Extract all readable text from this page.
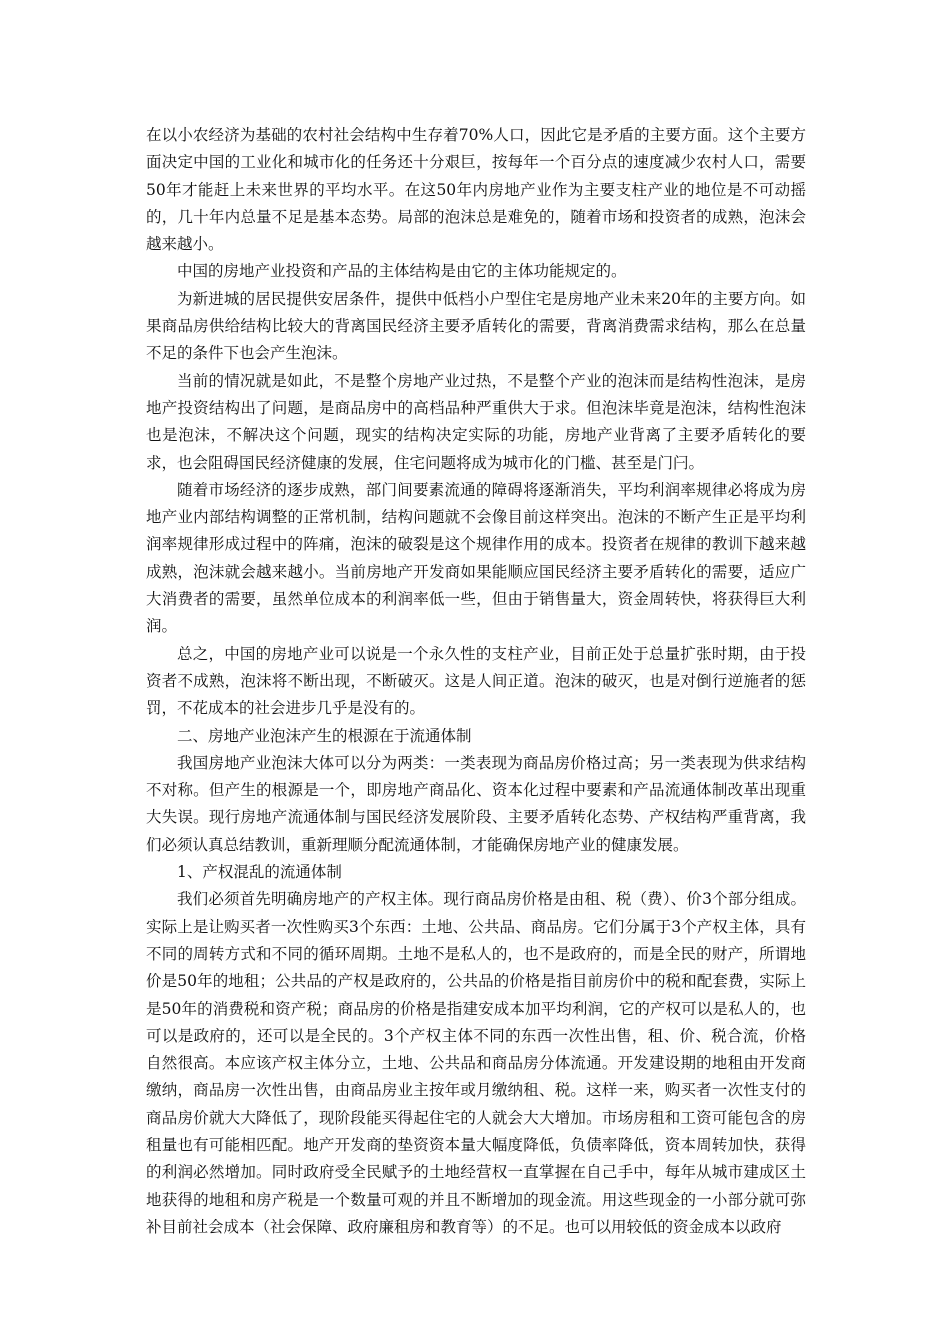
在以小农经济为基础的农村社会结构中生存着70%人口，因此它是矛盾的主要方面。这个主要方面决定中国的工业化和城市化的任务还十分艰巨，按每年一个百分点的速度减少农村人口，需要50年才能赶上未来世界的平均水平。在这50年内房地产业作为主要支柱产业的地位是不可动摇的，几十年内总量不足是基本态势。局部的泡沫总是难免的，随着市场和投资者的成熟，泡沫会越来越小。

中国的房地产业投资和产品的主体结构是由它的主体功能规定的。

为新进城的居民提供安居条件，提供中低档小户型住宅是房地产业未来20年的主要方向。如果商品房供给结构比较大的背离国民经济主要矛盾转化的需要，背离消费需求结构，那么在总量不足的条件下也会产生泡沫。

当前的情况就是如此，不是整个房地产业过热，不是整个产业的泡沫而是结构性泡沫，是房地产投资结构出了问题，是商品房中的高档品种严重供大于求。但泡沫毕竟是泡沫，结构性泡沫也是泡沫，不解决这个问题，现实的结构决定实际的功能，房地产业背离了主要矛盾转化的要求，也会阻碍国民经济健康的发展，住宅问题将成为城市化的门槛、甚至是门闩。

随着市场经济的逐步成熟，部门间要素流通的障碍将逐渐消失，平均利润率规律必将成为房地产业内部结构调整的正常机制，结构问题就不会像目前这样突出。泡沫的不断产生正是平均利润率规律形成过程中的阵痛，泡沫的破裂是这个规律作用的成本。投资者在规律的教训下越来越成熟，泡沫就会越来越小。当前房地产开发商如果能顺应国民经济主要矛盾转化的需要，适应广大消费者的需要，虽然单位成本的利润率低一些，但由于销售量大，资金周转快，将获得巨大利润。

总之，中国的房地产业可以说是一个永久性的支柱产业，目前正处于总量扩张时期，由于投资者不成熟，泡沫将不断出现，不断破灭。这是人间正道。泡沫的破灭，也是对倒行逆施者的惩罚，不花成本的社会进步几乎是没有的。

二、房地产业泡沫产生的根源在于流通体制

我国房地产业泡沫大体可以分为两类：一类表现为商品房价格过高；另一类表现为供求结构不对称。但产生的根源是一个，即房地产商品化、资本化过程中要素和产品流通体制改革出现重大失误。现行房地产流通体制与国民经济发展阶段、主要矛盾转化态势、产权结构严重背离，我们必须认真总结教训，重新理顺分配流通体制，才能确保房地产业的健康发展。

1、产权混乱的流通体制

我们必须首先明确房地产的产权主体。现行商品房价格是由租、税（费）、价3个部分组成。实际上是让购买者一次性购买3个东西：土地、公共品、商品房。它们分属于3个产权主体，具有不同的周转方式和不同的循环周期。土地不是私人的，也不是政府的，而是全民的财产，所谓地价是50年的地租；公共品的产权是政府的，公共品的价格是指目前房价中的税和配套费，实际上是50年的消费税和资产税；商品房的价格是指建安成本加平均利润，它的产权可以是私人的，也可以是政府的，还可以是全民的。3个产权主体不同的东西一次性出售，租、价、税合流，价格自然很高。本应该产权主体分立，土地、公共品和商品房分体流通。开发建设期的地租由开发商缴纳，商品房一次性出售，由商品房业主按年或月缴纳租、税。这样一来，购买者一次性支付的商品房价就大大降低了，现阶段能买得起住宅的人就会大大增加。市场房租和工资可能包含的房租量也有可能相匹配。地产开发商的垫资资本量大幅度降低，负债率降低，资本周转加快，获得的利润必然增加。同时政府受全民赋予的土地经营权一直掌握在自己手中，每年从城市建成区土地获得的地租和房产税是一个数量可观的并且不断增加的现金流。用这些现金的一小部分就可弥补目前社会成本（社会保障、政府廉租房和教育等）的不足。也可以用较低的资金成本以政府
